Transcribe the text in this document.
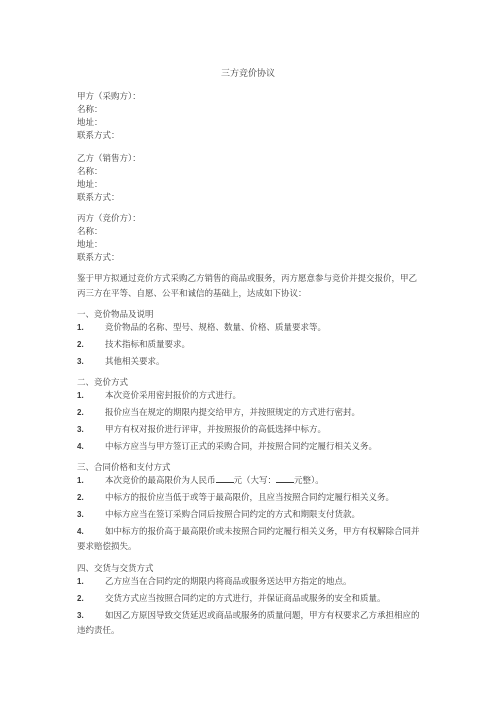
三方竞价协议
甲方（采购方）：
名称：
地址：
联系方式：
乙方（销售方）：
名称：
地址：
联系方式：
丙方（竞价方）：
名称：
地址：
联系方式：
鉴于甲方拟通过竞价方式采购乙方销售的商品或服务，丙方愿意参与竞价并提交报价，甲乙丙三方在平等、自愿、公平和诚信的基础上，达成如下协议：
一、竞价物品及说明
1.	竞价物品的名称、型号、规格、数量、价格、质量要求等。
2.	技术指标和质量要求。
3.	其他相关要求。
二、竞价方式
1.	本次竞价采用密封报价的方式进行。
2.	报价应当在规定的期限内提交给甲方，并按照规定的方式进行密封。
3.	甲方有权对报价进行评审，并按照报价的高低选择中标方。
4.	中标方应当与甲方签订正式的采购合同，并按照合同约定履行相关义务。
三、合同价格和支付方式
1.	本次竞价的最高限价为人民币 元（大写： 元整）。
2.	中标方的报价应当低于或等于最高限价，且应当按照合同约定履行相关义务。
3.	中标方应当在签订采购合同后按照合同约定的方式和期限支付货款。
4.	如中标方的报价高于最高限价或未按照合同约定履行相关义务，甲方有权解除合同并要求赔偿损失。
四、交货与交货方式
1.	乙方应当在合同约定的期限内将商品或服务送达甲方指定的地点。
2.	交货方式应当按照合同约定的方式进行，并保证商品或服务的安全和质量。
3.	如因乙方原因导致交货延迟或商品或服务的质量问题，甲方有权要求乙方承担相应的违约责任。
